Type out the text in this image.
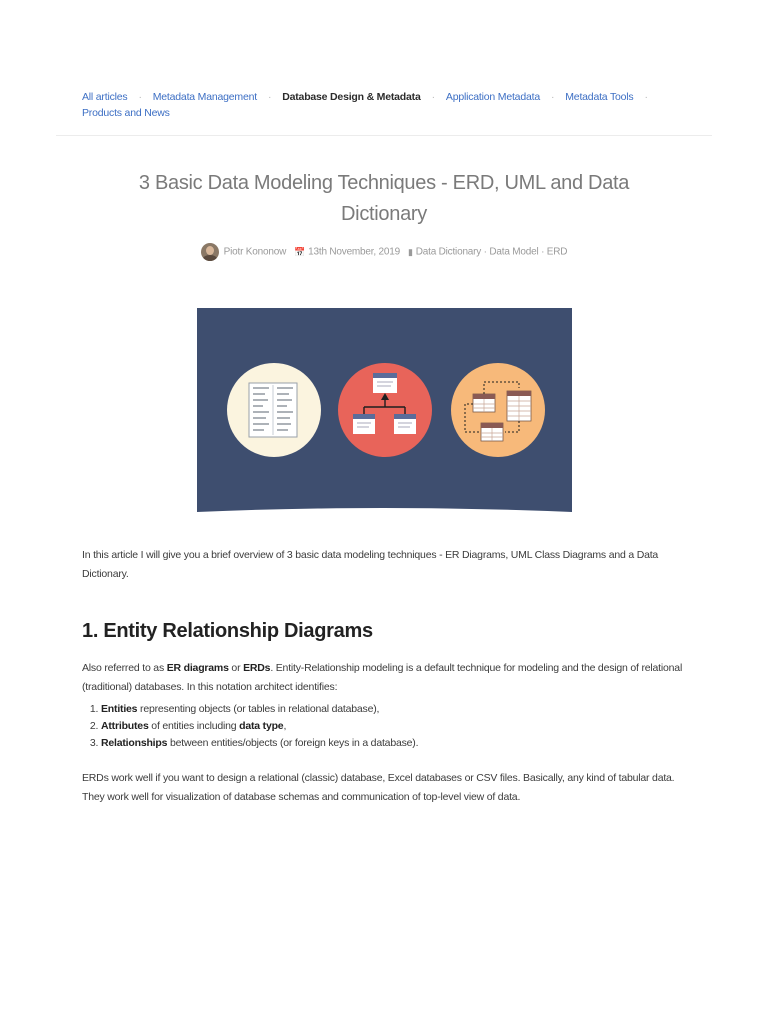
All articles · Metadata Management · Database Design & Metadata · Application Metadata · Metadata Tools ·
Products and News
3 Basic Data Modeling Techniques - ERD, UML and Data Dictionary
Piotr Kononow 📅 13th November, 2019 ▮ Data Dictionary · Data Model · ERD

In this article I will give you a brief overview of 3 basic data modeling techniques - ER Diagrams, UML Class Diagrams and a Data Dictionary.

1. Entity Relationship Diagrams

Also referred to as ER diagrams or ERDs. Entity-Relationship modeling is a default technique for modeling and the design of relational (traditional) databases. In this notation architect identifies:

1. Entities representing objects (or tables in relational database),
2. Attributes of entities including data type,
3. Relationships between entities/objects (or foreign keys in a database).

ERDs work well if you want to design a relational (classic) database, Excel databases or CSV files. Basically, any kind of tabular data. They work well for visualization of database schemas and communication of top-level view of data.
